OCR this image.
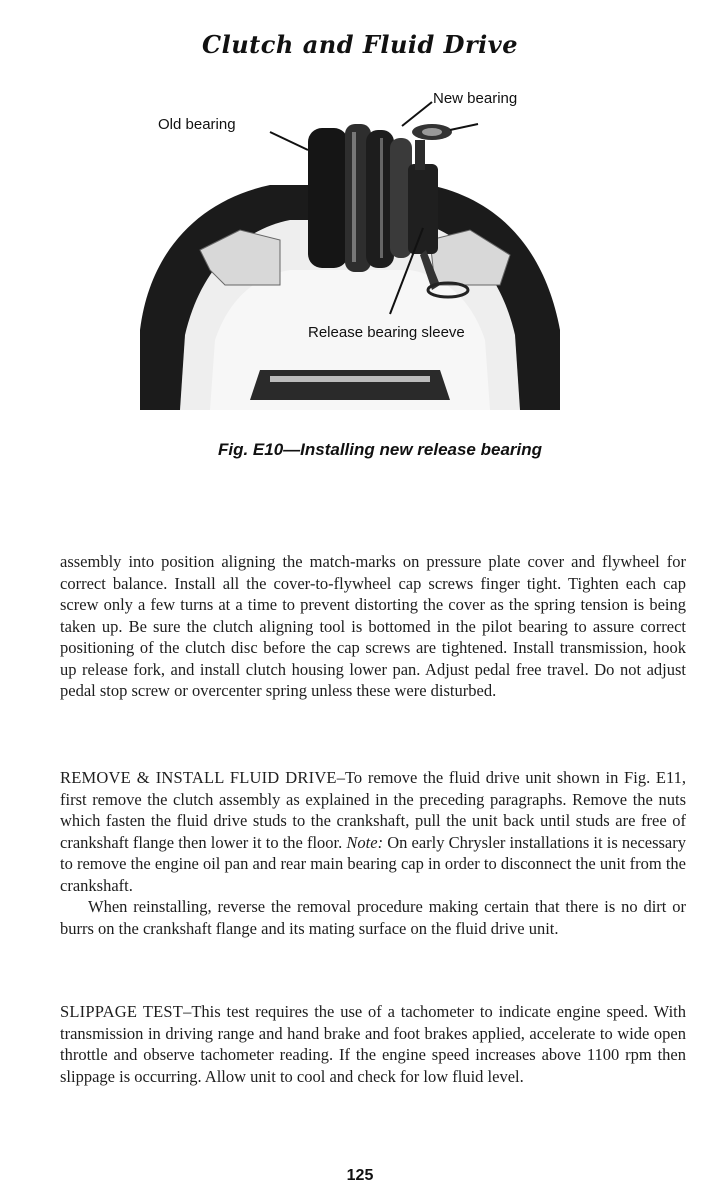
Clutch and Fluid Drive
Old bearing
New bearing
Release bearing sleeve
Fig. E10—Installing new release bearing

assembly into position aligning the match-marks on pressure plate cover and flywheel for correct balance. Install all the cover-to-flywheel cap screws finger tight. Tighten each cap screw only a few turns at a time to prevent distorting the cover as the spring tension is being taken up. Be sure the clutch aligning tool is bottomed in the pilot bearing to assure correct positioning of the clutch disc before the cap screws are tightened. Install transmission, hook up release fork, and install clutch housing lower pan. Adjust pedal free travel. Do not adjust pedal stop screw or overcenter spring unless these were disturbed.

REMOVE & INSTALL FLUID DRIVE–To remove the fluid drive unit shown in Fig. E11, first remove the clutch assembly as explained in the preceding paragraphs. Remove the nuts which fasten the fluid drive studs to the crankshaft, pull the unit back until studs are free of crankshaft flange then lower it to the floor. Note: On early Chrysler installations it is necessary to remove the engine oil pan and rear main bearing cap in order to disconnect the unit from the crankshaft.

When reinstalling, reverse the removal procedure making certain that there is no dirt or burrs on the crankshaft flange and its mating surface on the fluid drive unit.

SLIPPAGE TEST–This test requires the use of a tachometer to indicate engine speed. With transmission in driving range and hand brake and foot brakes applied, accelerate to wide open throttle and observe tachometer reading. If the engine speed increases above 1100 rpm then slippage is occurring. Allow unit to cool and check for low fluid level.

125
